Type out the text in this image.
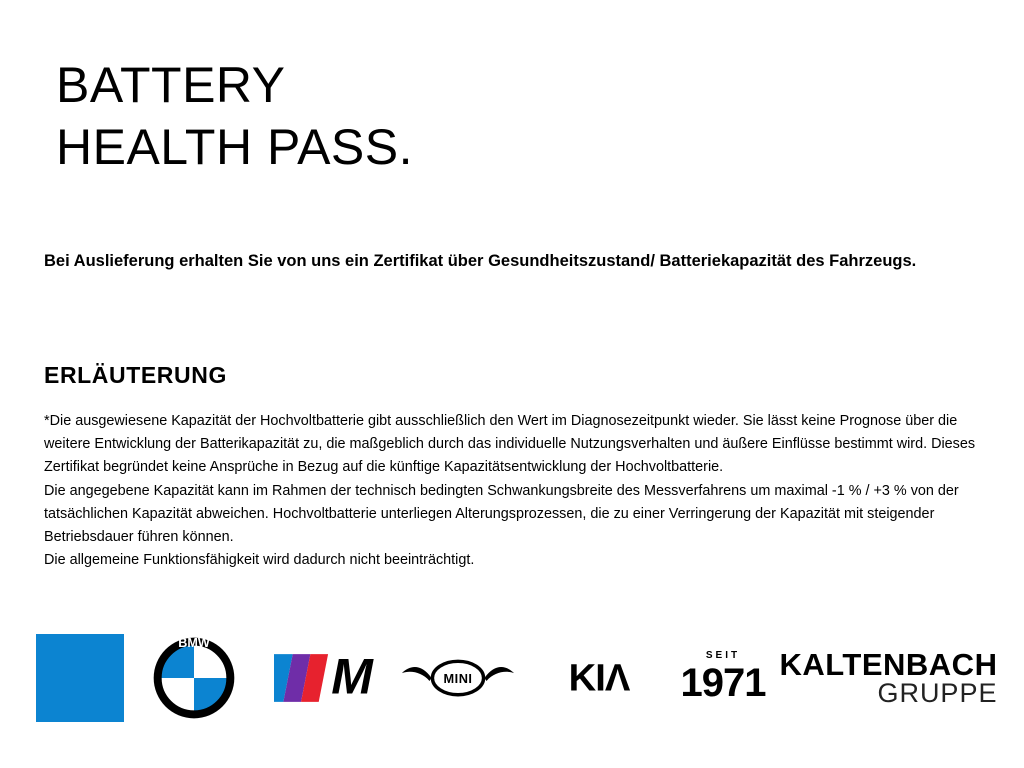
BATTERY
HEALTH PASS.
Bei Auslieferung erhalten Sie von uns ein Zertifikat über Gesundheitszustand/ Batteriekapazität des Fahrzeugs.
ERLÄUTERUNG

*Die ausgewiesene Kapazität der Hochvoltbatterie gibt ausschließlich den Wert im Diagnosezeitpunkt wieder. Sie lässt keine Prognose über die weitere Entwicklung der Batterikapazität zu, die maßgeblich durch das individuelle Nutzungsverhalten und äußere Einflüsse bestimmt wird. Dieses Zertifikat begründet keine Ansprüche in Bezug auf die künftige Kapazitätsentwicklung der Hochvoltbatterie.

Die angegebene Kapazität kann im Rahmen der technisch bedingten Schwankungsbreite des Messverfahrens um maximal -1 % / +3 % von der tatsächlichen Kapazität abweichen. Hochvoltbatterie unterliegen Alterungsprozessen, die zu einer Verringerung der Kapazität mit steigender Betriebsdauer führen können.

Die allgemeine Funktionsfähigkeit wird dadurch nicht beeinträchtigt.

BMW
M	MINI KIΛ
SEIT
1971 KALTENBACH
GRUPPE
